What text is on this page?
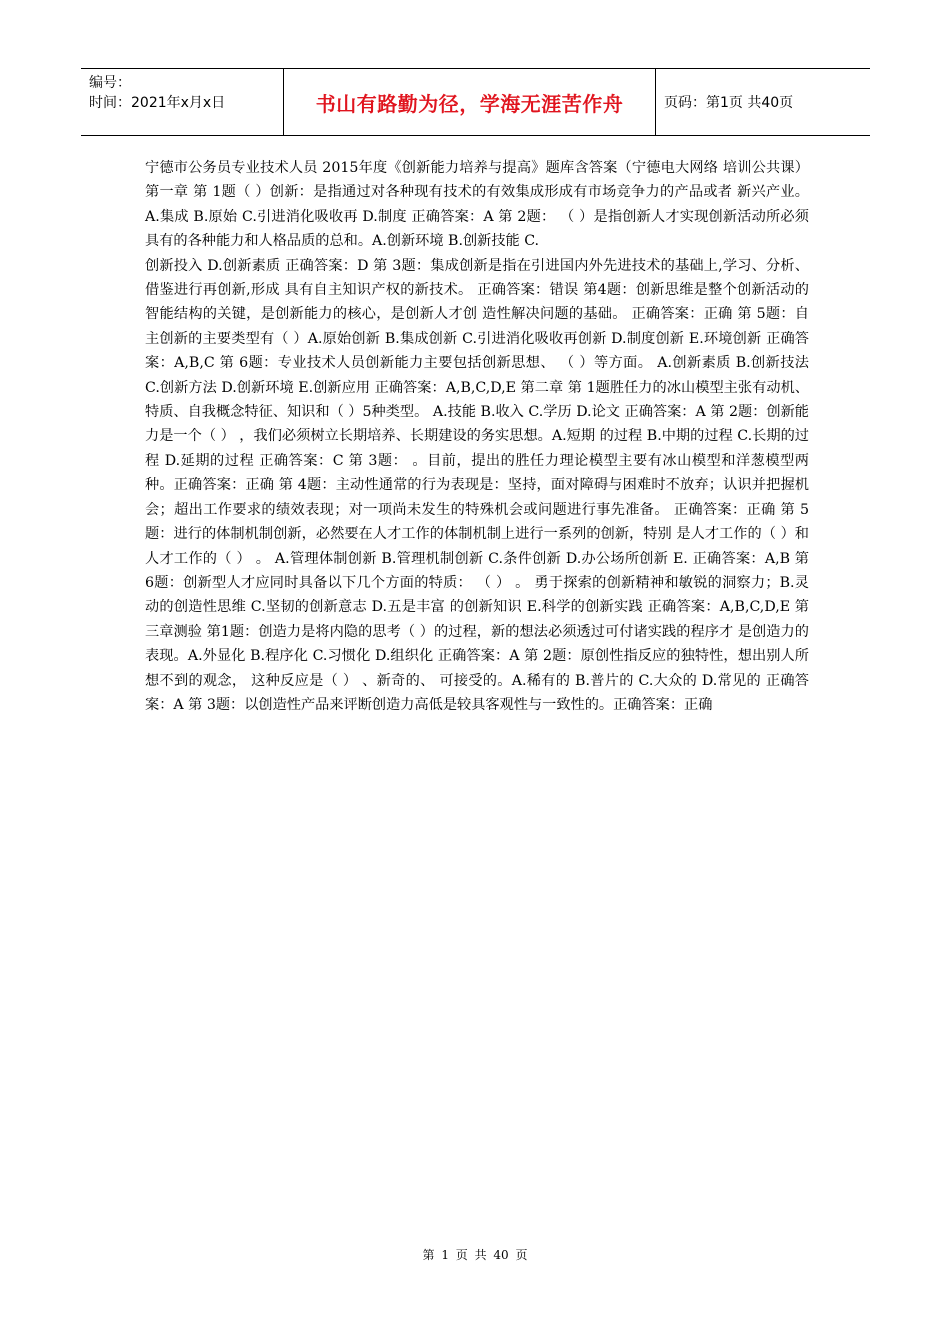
编号：
时间：2021年x月x日	书山有路勤为径，学海无涯苦作舟	页码：第1页 共40页

宁德市公务员专业技术人员 2015年度《创新能力培养与提高》题库含答案（宁德电大网络 培训公共课） 第一章 第 1题（ ）创新：是指通过对各种现有技术的有效集成形成有市场竞争力的产品或者 新兴产业。A.集成 B.原始 C.引进消化吸收再 D.制度 正确答案：A 第 2题： （ ）是指创新人才实现创新活动所必须具有的各种能力和人格品质的总和。A.创新环境 B.创新技能 C.

创新投入 D.创新素质 正确答案：D 第 3题：集成创新是指在引进国内外先进技术的基础上,学习、分析、借鉴进行再创新,形成 具有自主知识产权的新技术。 正确答案：错误 第4题：创新思维是整个创新活动的智能结构的关键，是创新能力的核心，是创新人才创 造性解决问题的基础。 正确答案：正确 第 5题：自主创新的主要类型有（ ）A.原始创新 B.集成创新 C.引进消化吸收再创新 D.制度创新 E.环境创新 正确答案：A,B,C 第 6题：专业技术人员创新能力主要包括创新思想、 （ ）等方面。 A.创新素质 B.创新技法 C.创新方法 D.创新环境 E.创新应用 正确答案：A,B,C,D,E 第二章 第 1题胜任力的冰山模型主张有动机、特质、自我概念特征、知识和（ ）5种类型。 A.技能 B.收入 C.学历 D.论文 正确答案：A 第 2题：创新能力是一个（ ） ，我们必须树立长期培养、长期建设的务实思想。A.短期 的过程 B.中期的过程 C.长期的过程 D.延期的过程 正确答案：C 第 3题： 。目前，提出的胜任力理论模型主要有冰山模型和洋葱模型两种。正确答案：正确 第 4题：主动性通常的行为表现是：坚持，面对障碍与困难时不放弃；认识并把握机会；超出工作要求的绩效表现；对一项尚未发生的特殊机会或问题进行事先准备。 正确答案：正确 第 5题：进行的体制机制创新，必然要在人才工作的体制机制上进行一系列的创新，特别 是人才工作的（ ）和人才工作的（ ） 。 A.管理体制创新 B.管理机制创新 C.条件创新 D.办公场所创新 E. 正确答案：A,B 第 6题：创新型人才应同时具备以下几个方面的特质： （ ） 。 勇于探索的创新精神和敏锐的洞察力；B.灵动的创造性思维 C.坚韧的创新意志 D.五是丰富 的创新知识 E.科学的创新实践 正确答案：A,B,C,D,E 第三章测验 第1题：创造力是将内隐的思考（ ）的过程，新的想法必须透过可付诸实践的程序才 是创造力的表现。A.外显化 B.程序化 C.习惯化 D.组织化 正确答案：A 第 2题：原创性指反应的独特性，想出别人所想不到的观念， 这种反应是（ ） 、新奇的、 可接受的。A.稀有的 B.普片的 C.大众的 D.常见的 正确答案：A 第 3题：以创造性产品来评断创造力高低是较具客观性与一致性的。正确答案：正确

第 1 页 共 40 页
